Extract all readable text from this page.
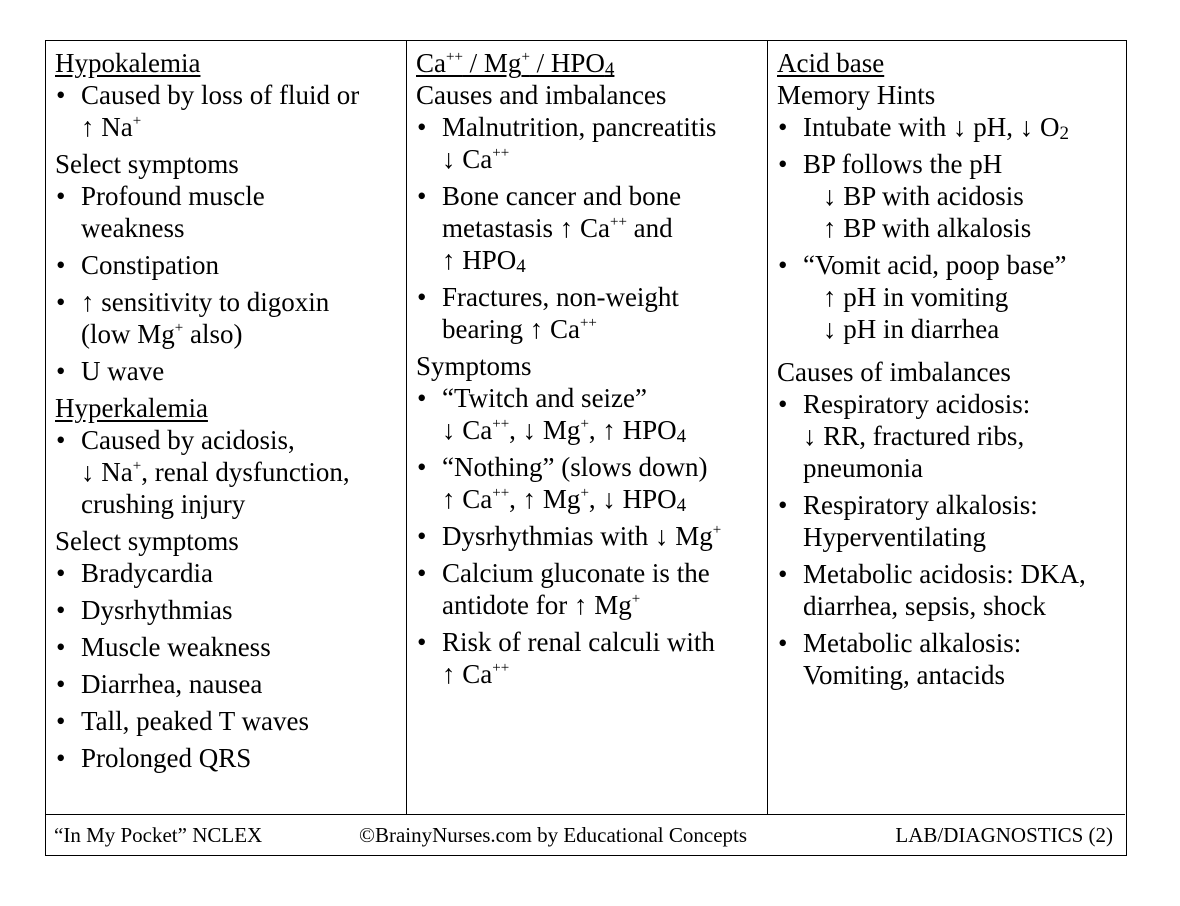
Hypokalemia
• Caused by loss of fluid or
↑ Na+
Select symptoms
• Profound muscle
weakness
• Constipation
• ↑ sensitivity to digoxin
(low Mg+ also)
• U wave
Hyperkalemia
• Caused by acidosis,
↓ Na+, renal dysfunction,
crushing injury
Select symptoms
• Bradycardia
• Dysrhythmias
• Muscle weakness
• Diarrhea, nausea
• Tall, peaked T waves
• Prolonged QRS
$Ca^{++} / Mg^+ / HPO_4$
Causes and imbalances
• Malnutrition, pancreatitis
↓ Ca++
• Bone cancer and bone
metastasis ↑ Ca++ and
↑ $HPO_4$
• Fractures, non-weight
bearing ↑ Ca++
Symptoms
• “Twitch and seize”
↓ Ca++, ↓ Mg+, ↑ $HPO_4$
• “Nothing” (slows down)
↑ Ca++, ↑ Mg+, ↓ $HPO_4$
• Dysrhythmias with ↓ Mg+
• Calcium gluconate is the
antidote for ↑ Mg+
• Risk of renal calculi with
↑ Ca++
Acid base
Memory Hints
• Intubate with ↓ pH, ↓ $O_2$
• BP follows the pH

↓ BP with acidosis
↑ BP with alkalosis
• “Vomit acid, poop base”

↑ pH in vomiting
↓ pH in diarrhea
Causes of imbalances
• Respiratory acidosis:
↓ RR, fractured ribs,
pneumonia
• Respiratory alkalosis:
Hyperventilating
• Metabolic acidosis: DKA,
diarrhea, sepsis, shock
• Metabolic alkalosis:
Vomiting, antacids
“In My Pocket” NCLEX	©BrainyNurses.com by Educational Concepts	LAB/DIAGNOSTICS (2)
